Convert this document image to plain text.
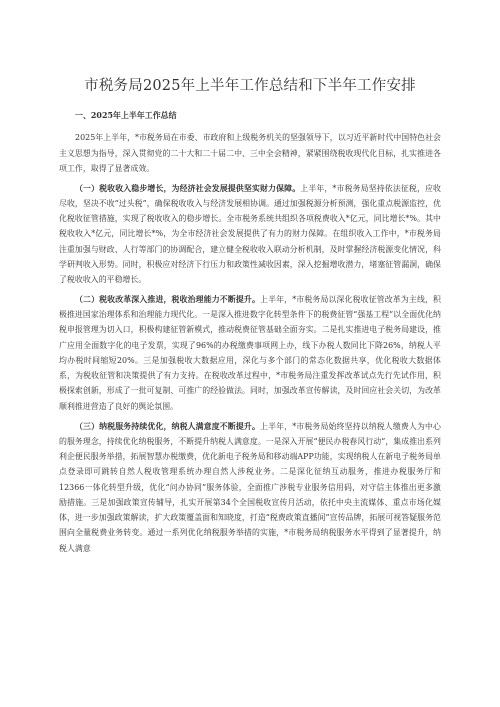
市税务局2025年上半年工作总结和下半年工作安排

一、2025年上半年工作总结

2025年上半年，*市税务局在市委、市政府和上级税务机关的坚强领导下，以习近平新时代中国特色社会主义思想为指导，深入贯彻党的二十大和二十届二中、三中全会精神，紧紧围绕税收现代化目标，扎实推进各项工作，取得了显著成效。

（一）税收收入稳步增长，为经济社会发展提供坚实财力保障。上半年，*市税务局坚持依法征税，应收尽收，坚决不收“过头税”，确保税收收入与经济发展相协调。通过加强税源分析预测，强化重点税源监控，优化税收征管措施，实现了税收收入的稳步增长。全市税务系统共组织各项税费收入*亿元，同比增长*%。其中税收收入*亿元，同比增长*%，为全市经济社会发展提供了有力的财力保障。在组织收入工作中，*市税务局注重加强与财政、人行等部门的协调配合，建立健全税收收入联动分析机制，及时掌握经济税源变化情况，科学研判收入形势。同时，积极应对经济下行压力和政策性减收因素，深入挖掘增收潜力，堵塞征管漏洞，确保了税收收入的平稳增长。

（二）税收改革深入推进，税收治理能力不断提升。上半年，*市税务局以深化税收征管改革为主线，积极推进国家治理体系和治理能力现代化。一是深入推进数字化转型条件下的税费征管“强基工程”以全面优化纳税申报管理为切入口，积极构建征管新模式，推动税费征管基础全面夯实。二是扎实推进电子税务局建设，推广应用全面数字化的电子发票，实现了96%的办税缴费事项网上办，线下办税人数同比下降26%，纳税人平均办税时间缩短20%。三是加强税收大数据应用，深化与多个部门的常态化数据共享，优化税收大数据体系，为税收征管和决策提供了有力支持。在税收改革过程中，*市税务局注重发挥改革试点先行先试作用，积极探索创新，形成了一批可复制、可推广的经验做法。同时，加强改革宣传解读，及时回应社会关切，为改革顺利推进营造了良好的舆论氛围。

（三）纳税服务持续优化，纳税人满意度不断提升。上半年，*市税务局始终坚持以纳税人缴费人为中心的服务理念，持续优化纳税服务，不断提升纳税人满意度。一是深入开展“便民办税春风行动”，集成推出系列利企便民服务举措，拓展智慧办税缴费，优化新电子税务局和移动端APP功能，实现纳税人在新电子税务局单点登录即可跳转自然人税收管理系统办理自然人涉税业务。二是深化征纳互动服务，推进办税服务厅和12366一体化转型升级，优化“问办协同”服务体验，全面推广涉税专业服务信用码，对守信主体推出更多激励措施。三是加强政策宣传辅导，扎实开展第34个全国税收宣传月活动，依托中央主流媒体、重点市场化媒体，进一步加强政策解读，扩大政策覆盖面和知晓度，打造“税费政策直播间”宣传品牌，拓展可视答疑服务范围向全量税费业务转变。通过一系列优化纳税服务举措的实施，*市税务局纳税服务水平得到了显著提升，纳税人满意
